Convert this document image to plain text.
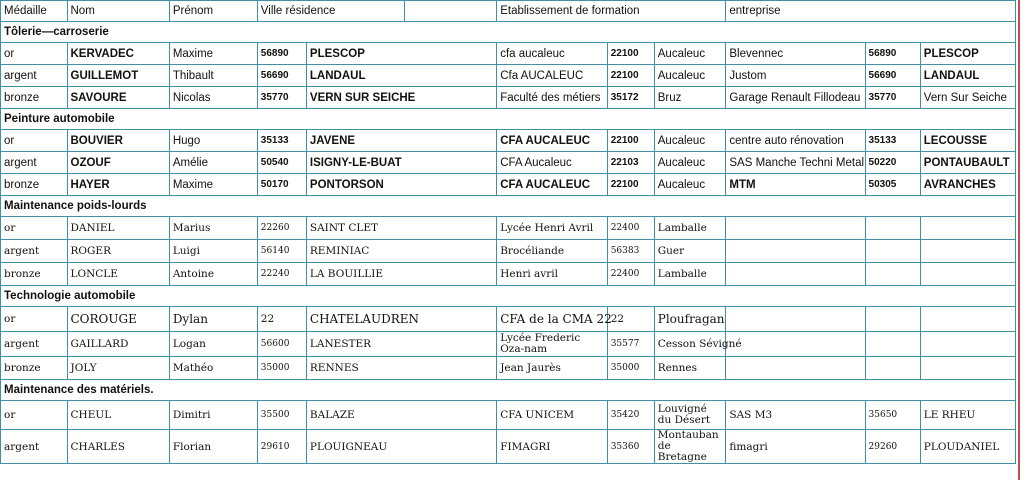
Médaille	Nom	Prénom	Ville résidence			Etablissement de formation			entreprise		
Tôlerie—carroserie											
or	KERVADEC	Maxime	56890	PLESCOP		cfa aucaleuc	22100	Aucaleuc	Blevennec	56890	PLESCOP
argent	GUILLEMOT	Thibault	56690	LANDAUL		Cfa AUCALEUC	22100	Aucaleuc	Justom	56690	LANDAUL
bronze	SAVOURE	Nicolas	35770	VERN SUR SEICHE		Faculté des métiers	35172	Bruz	Garage Renault Fillodeau	35770	Vern Sur Seiche
Peinture automobile											
or	BOUVIER	Hugo	35133	JAVENE		CFA AUCALEUC	22100	Aucaleuc	centre auto rénovation	35133	LECOUSSE
argent	OZOUF	Amélie	50540	ISIGNY-LE-BUAT		CFA Aucaleuc	22103	Aucaleuc	SAS Manche Techni Metal	50220	PONTAUBAULT
bronze	HAYER	Maxime	50170	PONTORSON		CFA AUCALEUC	22100	Aucaleuc	MTM	50305	AVRANCHES
Maintenance poids-lourds											
or	DANIEL	Marius	22260	SAINT CLET		Lycée Henri Avril	22400	Lamballe			
argent	ROGER	Luigi	56140	REMINIAC		Brocéliande	56383	Guer			
bronze	LONCLE	Antoine	22240	LA BOUILLIE		Henri avril	22400	Lamballe			
Technologie automobile											
or	COROUGE	Dylan	22	CHATELAUDREN		CFA de la CMA 22	22	Ploufragan			
argent	GAILLARD	Logan	56600	LANESTER		Lycée Frederic Oza-nam	35577	Cesson Sévigné			
bronze	JOLY	Mathéo	35000	RENNES		Jean Jaurès	35000	Rennes			
Maintenance des matériels.											
or	CHEUL	Dimitri	35500	BALAZE		CFA UNICEM	35420	Louvigné du Désert	SAS M3	35650	LE RHEU
argent	CHARLES	Florian	29610	PLOUIGNEAU		FIMAGRI	35360	Montauban de Bretagne	fimagri	29260	PLOUDANIEL
